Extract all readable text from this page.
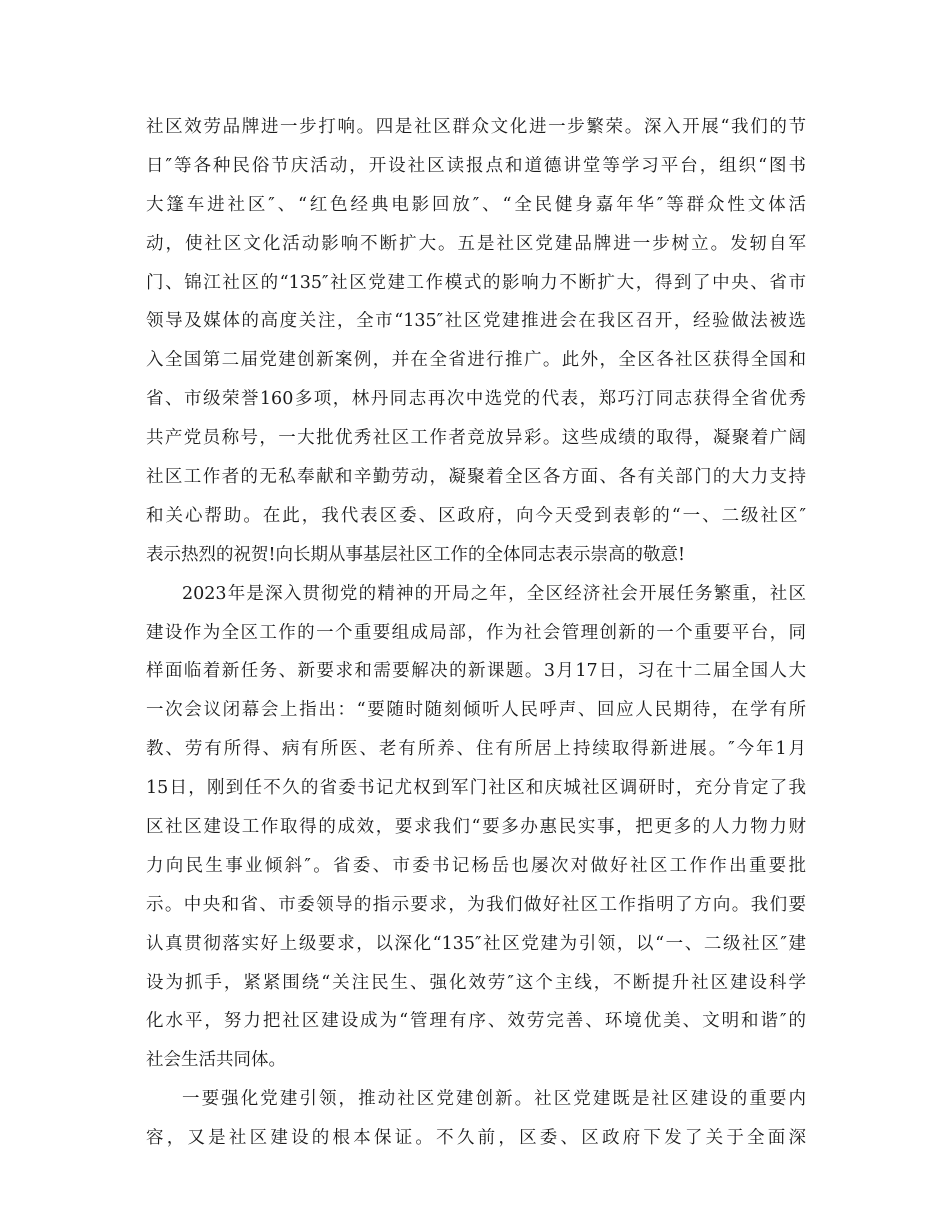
社区效劳品牌进一步打响。四是社区群众文化进一步繁荣。深入开展“我们的节
日″等各种民俗节庆活动，开设社区读报点和道德讲堂等学习平台，组织“图书
大篷车进社区″、“红色经典电影回放″、“全民健身嘉年华″等群众性文体活
动，使社区文化活动影响不断扩大。五是社区党建品牌进一步树立。发轫自军
门、锦江社区的“135″社区党建工作模式的影响力不断扩大，得到了中央、省市
领导及媒体的高度关注，全市“135″社区党建推进会在我区召开，经验做法被选
入全国第二届党建创新案例，并在全省进行推广。此外，全区各社区获得全国和
省、市级荣誉160多项，林丹同志再次中选党的代表，郑巧汀同志获得全省优秀
共产党员称号，一大批优秀社区工作者竞放异彩。这些成绩的取得，凝聚着广阔
社区工作者的无私奉献和辛勤劳动，凝聚着全区各方面、各有关部门的大力支持
和关心帮助。在此，我代表区委、区政府，向今天受到表彰的“一、二级社区″
表示热烈的祝贺!向长期从事基层社区工作的全体同志表示崇高的敬意!
2023年是深入贯彻党的精神的开局之年，全区经济社会开展任务繁重，社区
建设作为全区工作的一个重要组成局部，作为社会管理创新的一个重要平台，同
样面临着新任务、新要求和需要解决的新课题。3月17日，习在十二届全国人大
一次会议闭幕会上指出：“要随时随刻倾听人民呼声、回应人民期待，在学有所
教、劳有所得、病有所医、老有所养、住有所居上持续取得新进展。″今年1月
15日，刚到任不久的省委书记尤权到军门社区和庆城社区调研时，充分肯定了我
区社区建设工作取得的成效，要求我们“要多办惠民实事，把更多的人力物力财
力向民生事业倾斜″。省委、市委书记杨岳也屡次对做好社区工作作出重要批
示。中央和省、市委领导的指示要求，为我们做好社区工作指明了方向。我们要
认真贯彻落实好上级要求，以深化“135″社区党建为引领，以“一、二级社区″建
设为抓手，紧紧围绕“关注民生、强化效劳″这个主线，不断提升社区建设科学
化水平，努力把社区建设成为“管理有序、效劳完善、环境优美、文明和谐″的
社会生活共同体。
一要强化党建引领，推动社区党建创新。社区党建既是社区建设的重要内
容，又是社区建设的根本保证。不久前，区委、区政府下发了关于全面深
